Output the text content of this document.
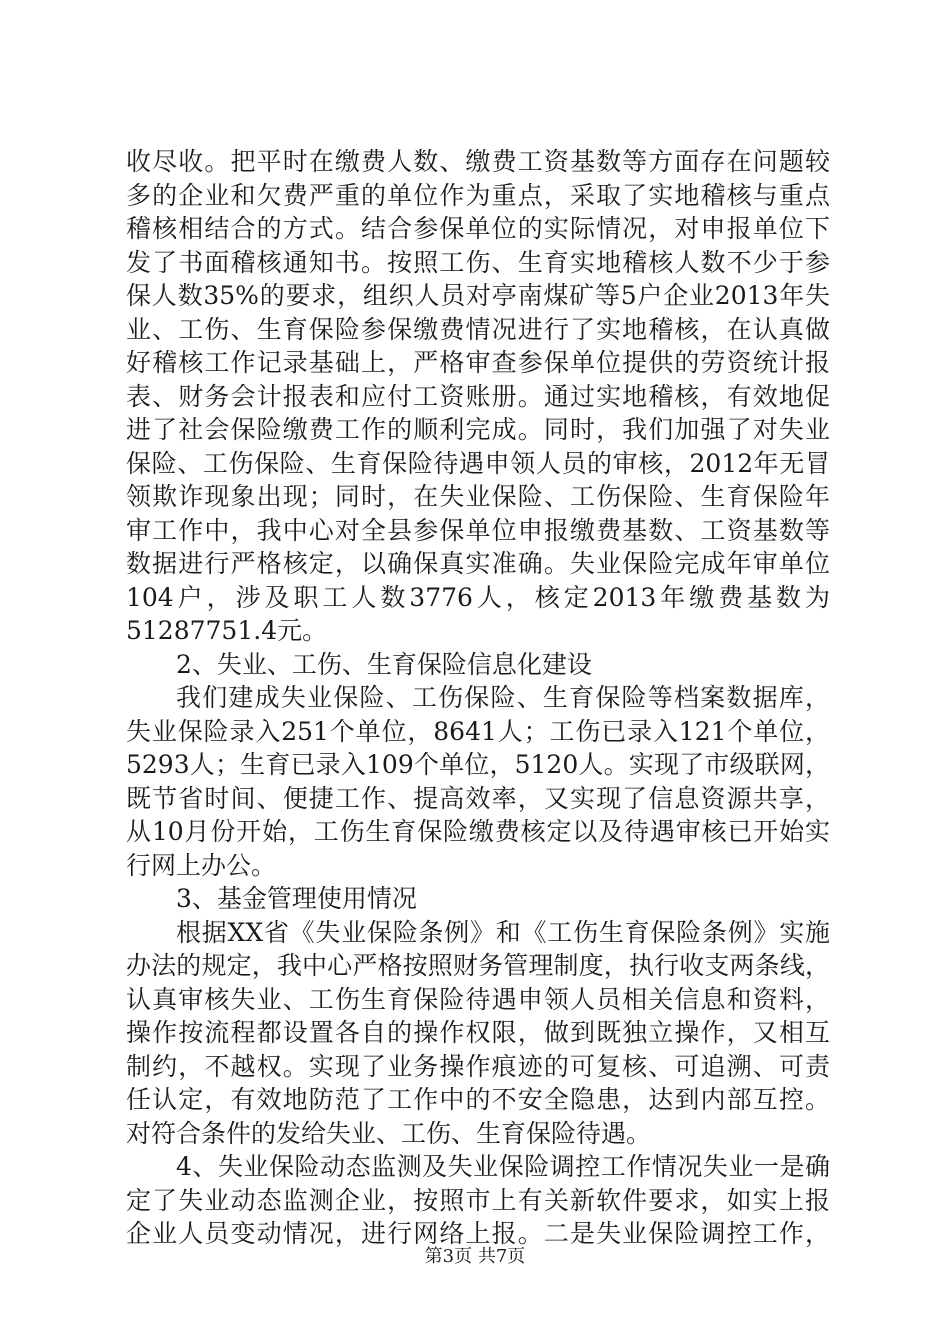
收尽收。把平时在缴费人数、缴费工资基数等方面存在问题较
多的企业和欠费严重的单位作为重点，采取了实地稽核与重点
稽核相结合的方式。结合参保单位的实际情况，对申报单位下
发了书面稽核通知书。按照工伤、生育实地稽核人数不少于参
保人数35%的要求，组织人员对亭南煤矿等5户企业2013年失
业、工伤、生育保险参保缴费情况进行了实地稽核，在认真做
好稽核工作记录基础上，严格审查参保单位提供的劳资统计报
表、财务会计报表和应付工资账册。通过实地稽核，有效地促
进了社会保险缴费工作的顺利完成。同时，我们加强了对失业
保险、工伤保险、生育保险待遇申领人员的审核，2012年无冒
领欺诈现象出现；同时，在失业保险、工伤保险、生育保险年
审工作中，我中心对全县参保单位申报缴费基数、工资基数等
数据进行严格核定，以确保真实准确。失业保险完成年审单位
104户，涉及职工人数3776人，核定2013年缴费基数为
51287751.4元。
2、失业、工伤、生育保险信息化建设
我们建成失业保险、工伤保险、生育保险等档案数据库，
失业保险录入251个单位，8641人；工伤已录入121个单位，
5293人；生育已录入109个单位，5120人。实现了市级联网，
既节省时间、便捷工作、提高效率，又实现了信息资源共享，
从10月份开始，工伤生育保险缴费核定以及待遇审核已开始实
行网上办公。
3、基金管理使用情况
根据XX省《失业保险条例》和《工伤生育保险条例》实施
办法的规定，我中心严格按照财务管理制度，执行收支两条线，
认真审核失业、工伤生育保险待遇申领人员相关信息和资料，
操作按流程都设置各自的操作权限，做到既独立操作，又相互
制约，不越权。实现了业务操作痕迹的可复核、可追溯、可责
任认定，有效地防范了工作中的不安全隐患，达到内部互控。
对符合条件的发给失业、工伤、生育保险待遇。
4、失业保险动态监测及失业保险调控工作情况失业一是确
定了失业动态监测企业，按照市上有关新软件要求，如实上报
企业人员变动情况，进行网络上报。二是失业保险调控工作，
第3页 共7页
